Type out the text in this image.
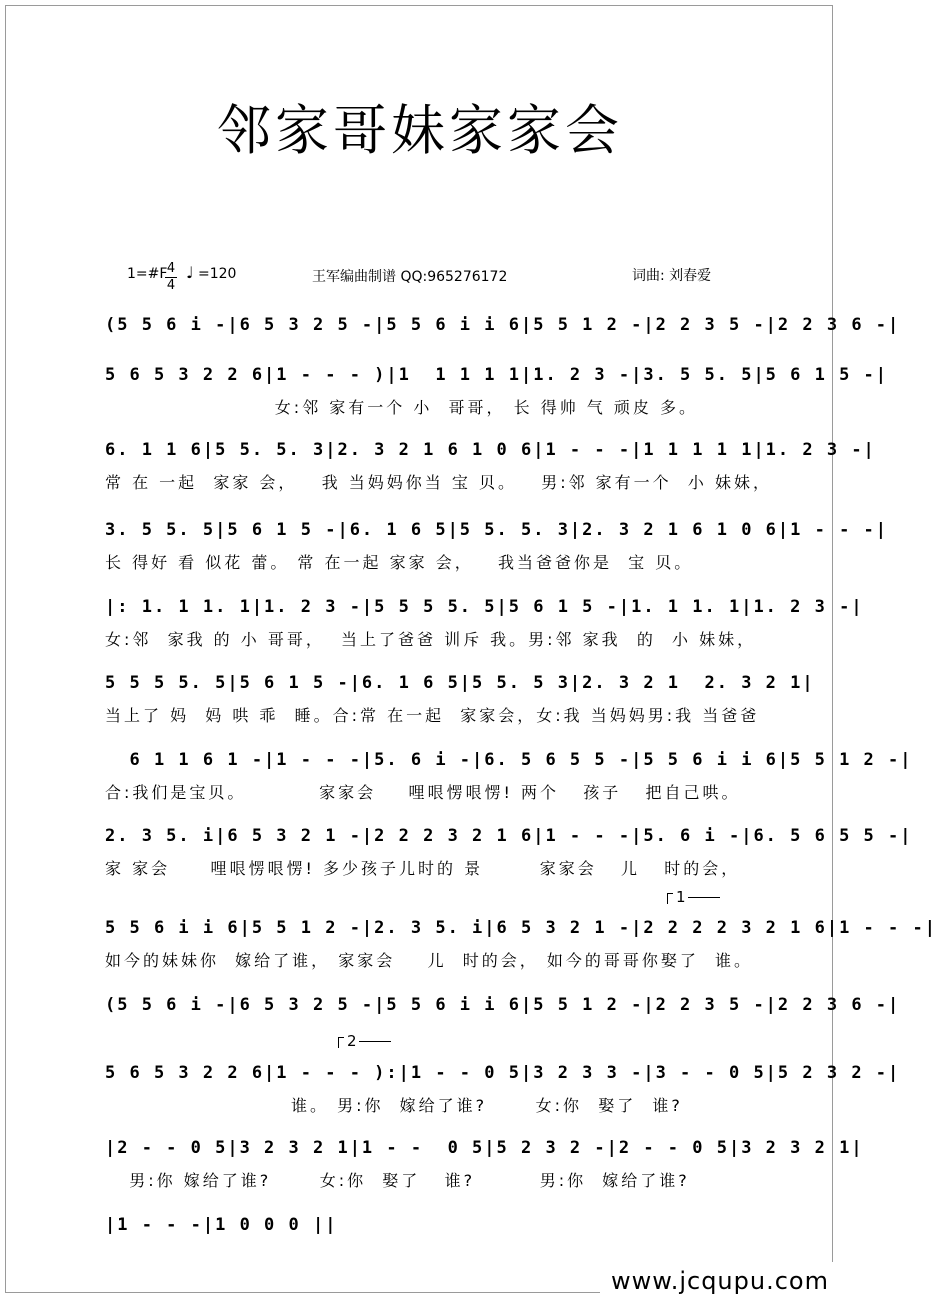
邻家哥妹家家会
1=#F 4
4
♩ =120	王军编曲制谱 QQ:965276172	词曲: 刘春爱
(5 5 6 i -|6 5 3 2 5 -|5 5 6 i i 6|5 5 1 2 -|2 2 3 5 -|2 2 3 6 -|
5 6 5 3 2 2 6|1 - - - )|1  1 1 1 1|1. 2 3 -|3. 5 5. 5|5 6 1 5 -|
女:邻 家有一个 小  哥哥， 长 得帅 气 顽皮 多。
6. 1 1 6|5 5. 5. 3|2. 3 2 1 6 1 0 6|1 - - -|1 1 1 1 1|1. 2 3 -|
常 在 一起  家家 会，   我 当妈妈你当 宝 贝。   男:邻 家有一个  小 妹妹，
3. 5 5. 5|5 6 1 5 -|6. 1 6 5|5 5. 5. 3|2. 3 2 1 6 1 0 6|1 - - -|
长 得好 看 似花 蕾。 常 在一起 家家 会，   我当爸爸你是  宝 贝。
|: 1. 1 1. 1|1. 2 3 -|5 5 5 5. 5|5 6 1 5 -|1. 1 1. 1|1. 2 3 -|
女:邻  家我 的 小 哥哥，  当上了爸爸 训斥 我。男:邻 家我  的  小 妹妹，
5 5 5 5. 5|5 6 1 5 -|6. 1 6 5|5 5. 5 3|2. 3 2 1  2. 3 2 1|
当上了 妈  妈 哄 乖  睡。合:常 在一起  家家会，女:我 当妈妈男:我 当爸爸
6 1 1 6 1 -|1 - - -|5. 6 i -|6. 5 6 5 5 -|5 5 6 i i 6|5 5 1 2 -|
合:我们是宝贝。         家家会    哩哏愣哏愣! 两个   孩子   把自己哄。
2. 3 5. i|6 5 3 2 1 -|2 2 2 3 2 1 6|1 - - -|5. 6 i -|6. 5 6 5 5 -|
家 家会     哩哏愣哏愣! 多少孩子儿时的 景       家家会   儿   时的会，
1
5 5 6 i i 6|5 5 1 2 -|2. 3 5. i|6 5 3 2 1 -|2 2 2 2 3 2 1 6|1 - - -|
如今的妹妹你  嫁给了谁， 家家会    儿  时的会， 如今的哥哥你娶了  谁。
(5 5 6 i -|6 5 3 2 5 -|5 5 6 i i 6|5 5 1 2 -|2 2 3 5 -|2 2 3 6 -|
2
5 6 5 3 2 2 6|1 - - - ):|1 - - 0 5|3 2 3 3 -|3 - - 0 5|5 2 3 2 -|
谁。 男:你  嫁给了谁?      女:你  娶了  谁?
|2 - - 0 5|3 2 3 2 1|1 - -  0 5|5 2 3 2 -|2 - - 0 5|3 2 3 2 1|
男:你 嫁给了谁?      女:你  娶了   谁?        男:你  嫁给了谁?
|1 - - -|1 0 0 0 ||
www.jcqupu.com
